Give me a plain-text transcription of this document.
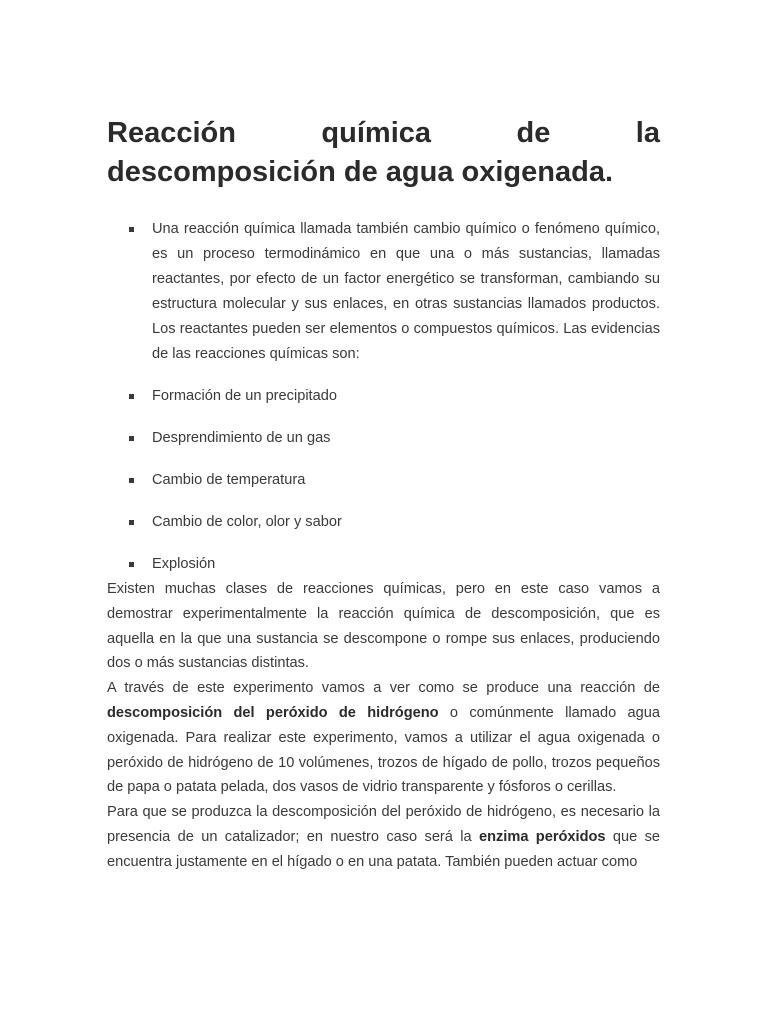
Reacción química de la descomposición de agua oxigenada.
Una reacción química llamada también cambio químico o fenómeno químico, es un proceso termodinámico en que una o más sustancias, llamadas reactantes, por efecto de un factor energético se transforman, cambiando su estructura molecular y sus enlaces, en otras sustancias llamados productos. Los reactantes pueden ser elementos o compuestos químicos. Las evidencias de las reacciones químicas son:
Formación de un precipitado
Desprendimiento de un gas
Cambio de temperatura
Cambio de color, olor y sabor
Explosión

Existen muchas clases de reacciones químicas, pero en este caso vamos a demostrar experimentalmente la reacción química de descomposición, que es aquella en la que una sustancia se descompone o rompe sus enlaces, produciendo dos o más sustancias distintas.

A través de este experimento vamos a ver como se produce una reacción de descomposición del peróxido de hidrógeno o comúnmente llamado agua oxigenada. Para realizar este experimento, vamos a utilizar el agua oxigenada o peróxido de hidrógeno de 10 volúmenes, trozos de hígado de pollo, trozos pequeños de papa o patata pelada, dos vasos de vidrio transparente y fósforos o cerillas.

Para que se produzca la descomposición del peróxido de hidrógeno, es necesario la presencia de un catalizador; en nuestro caso será la enzima peróxidos que se encuentra justamente en el hígado o en una patata. También pueden actuar como
